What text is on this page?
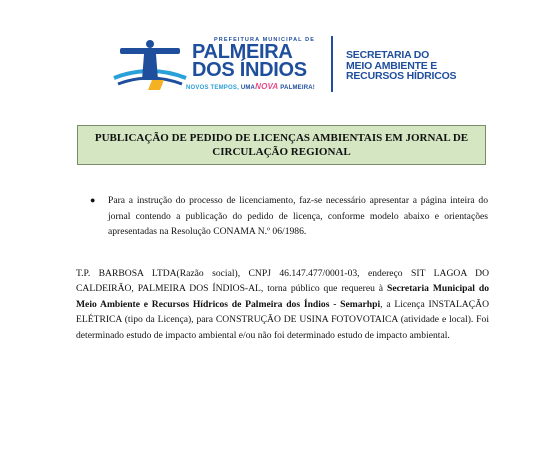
PREFEITURA MUNICIPAL DE
PALMEIRA
DOS ÍNDIOS
NOVOS TEMPOS, UMANOVA PALMEIRA!
SECRETARIA DO
MEIO AMBIENTE E
RECURSOS HÍDRICOS
PUBLICAÇÃO DE PEDIDO DE LICENÇAS AMBIENTAIS EM JORNAL DE
CIRCULAÇÃO REGIONAL
● Para a instrução do processo de licenciamento, faz-se necessário apresentar a página inteira do jornal contendo a publicação do pedido de licença, conforme modelo abaixo e orientações apresentadas na Resolução CONAMA N.º 06/1986.
T.P. BARBOSA LTDA(Razão social), CNPJ 46.147.477/0001-03, endereço SIT LAGOA DO CALDEIRÃO, PALMEIRA DOS ÍNDIOS-AL, torna público que requereu à Secretaria Municipal do Meio Ambiente e Recursos Hídricos de Palmeira dos Índios - Semarhpi, a Licença INSTALAÇÃO ELÉTRICA (tipo da Licença), para CONSTRUÇÃO DE USINA FOTOVOTAICA (atividade e local). Foi determinado estudo de impacto ambiental e/ou não foi determinado estudo de impacto ambiental.
